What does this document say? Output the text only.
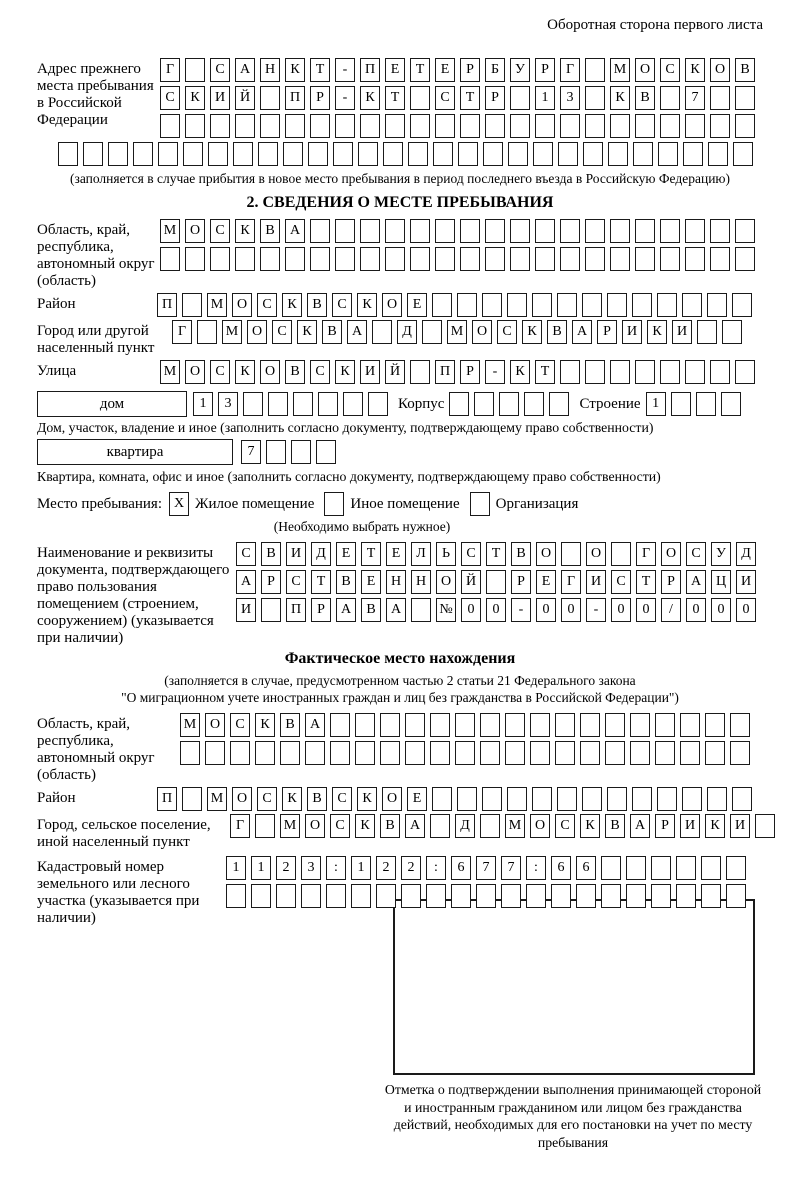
Оборотная сторона первого листа
Адрес прежнего места пребывания в Российской Федерации
Г	С	А	Н	К	Т	-	П	Е	Т	Е	Р	Б	У	Р	Г	М О	С	К	О	В
С	К	И	Й	П	Р	-	К	Т	С	Т	Р	1	3	К	В	7
(заполняется в случае прибытия в новое место пребывания в период последнего въезда в Российскую Федерацию)
2. СВЕДЕНИЯ О МЕСТЕ ПРЕБЫВАНИЯ
Область, край, республика, автономный округ (область)
М О	С	К	В	А
Район	П	М О	С	К	В	С	К	О	Е
Город или другой населенный пункт
Г	М О	С	К	В	А	Д	М О	С	К	В	А	Р	И	К	И
Улица	М О	С	К	О	В	С	К	И	Й	П	Р	-	К	Т
дом	1	3	Корпус	Строение 1
Дом, участок, владение и иное (заполнить согласно документу, подтверждающему право собственности)
квартира	7
Квартира, комната, офис и иное (заполнить согласно документу, подтверждающему право собственности)
Место пребывания: X Жилое помещение Иное помещение Организация
(Необходимо выбрать нужное)
Наименование и реквизиты документа, подтверждающего право пользования помещением (строением, сооружением) (указывается при наличии)
С	В	И	Д	Е	Т	Е	Л	Ь	С	Т	В	О	О	Г	О	С	У	Д
А	Р	С	Т	В	Е	Н	Н	О	Й	Р	Е	Г	И	С	Т	Р	А	Ц	И
И	П	Р	А	В	А	№	0	0	-	0	0	-	0	0	/	0	0	0
Фактическое место нахождения
(заполняется в случае, предусмотренном частью 2 статьи 21 Федерального закона
"О миграционном учете иностранных граждан и лиц без гражданства в Российской Федерации")
Область, край, республика, автономный округ (область)
М О	С	К	В	А
Район	П	М О	С	К	В	С	К	О	Е
Город, сельское поселение, иной населенный пункт
Г	М О	С	К	В	А	Д	М О	С	К	В	А	Р	И	К	И
Кадастровый номер земельного или лесного участка (указывается при наличии)
1	1	2	3	:	1	2	2	:	6	7	7	:	6	6
Отметка о подтверждении выполнения принимающей стороной и иностранным гражданином или лицом без гражданства действий, необходимых для его постановки на учет по месту пребывания
